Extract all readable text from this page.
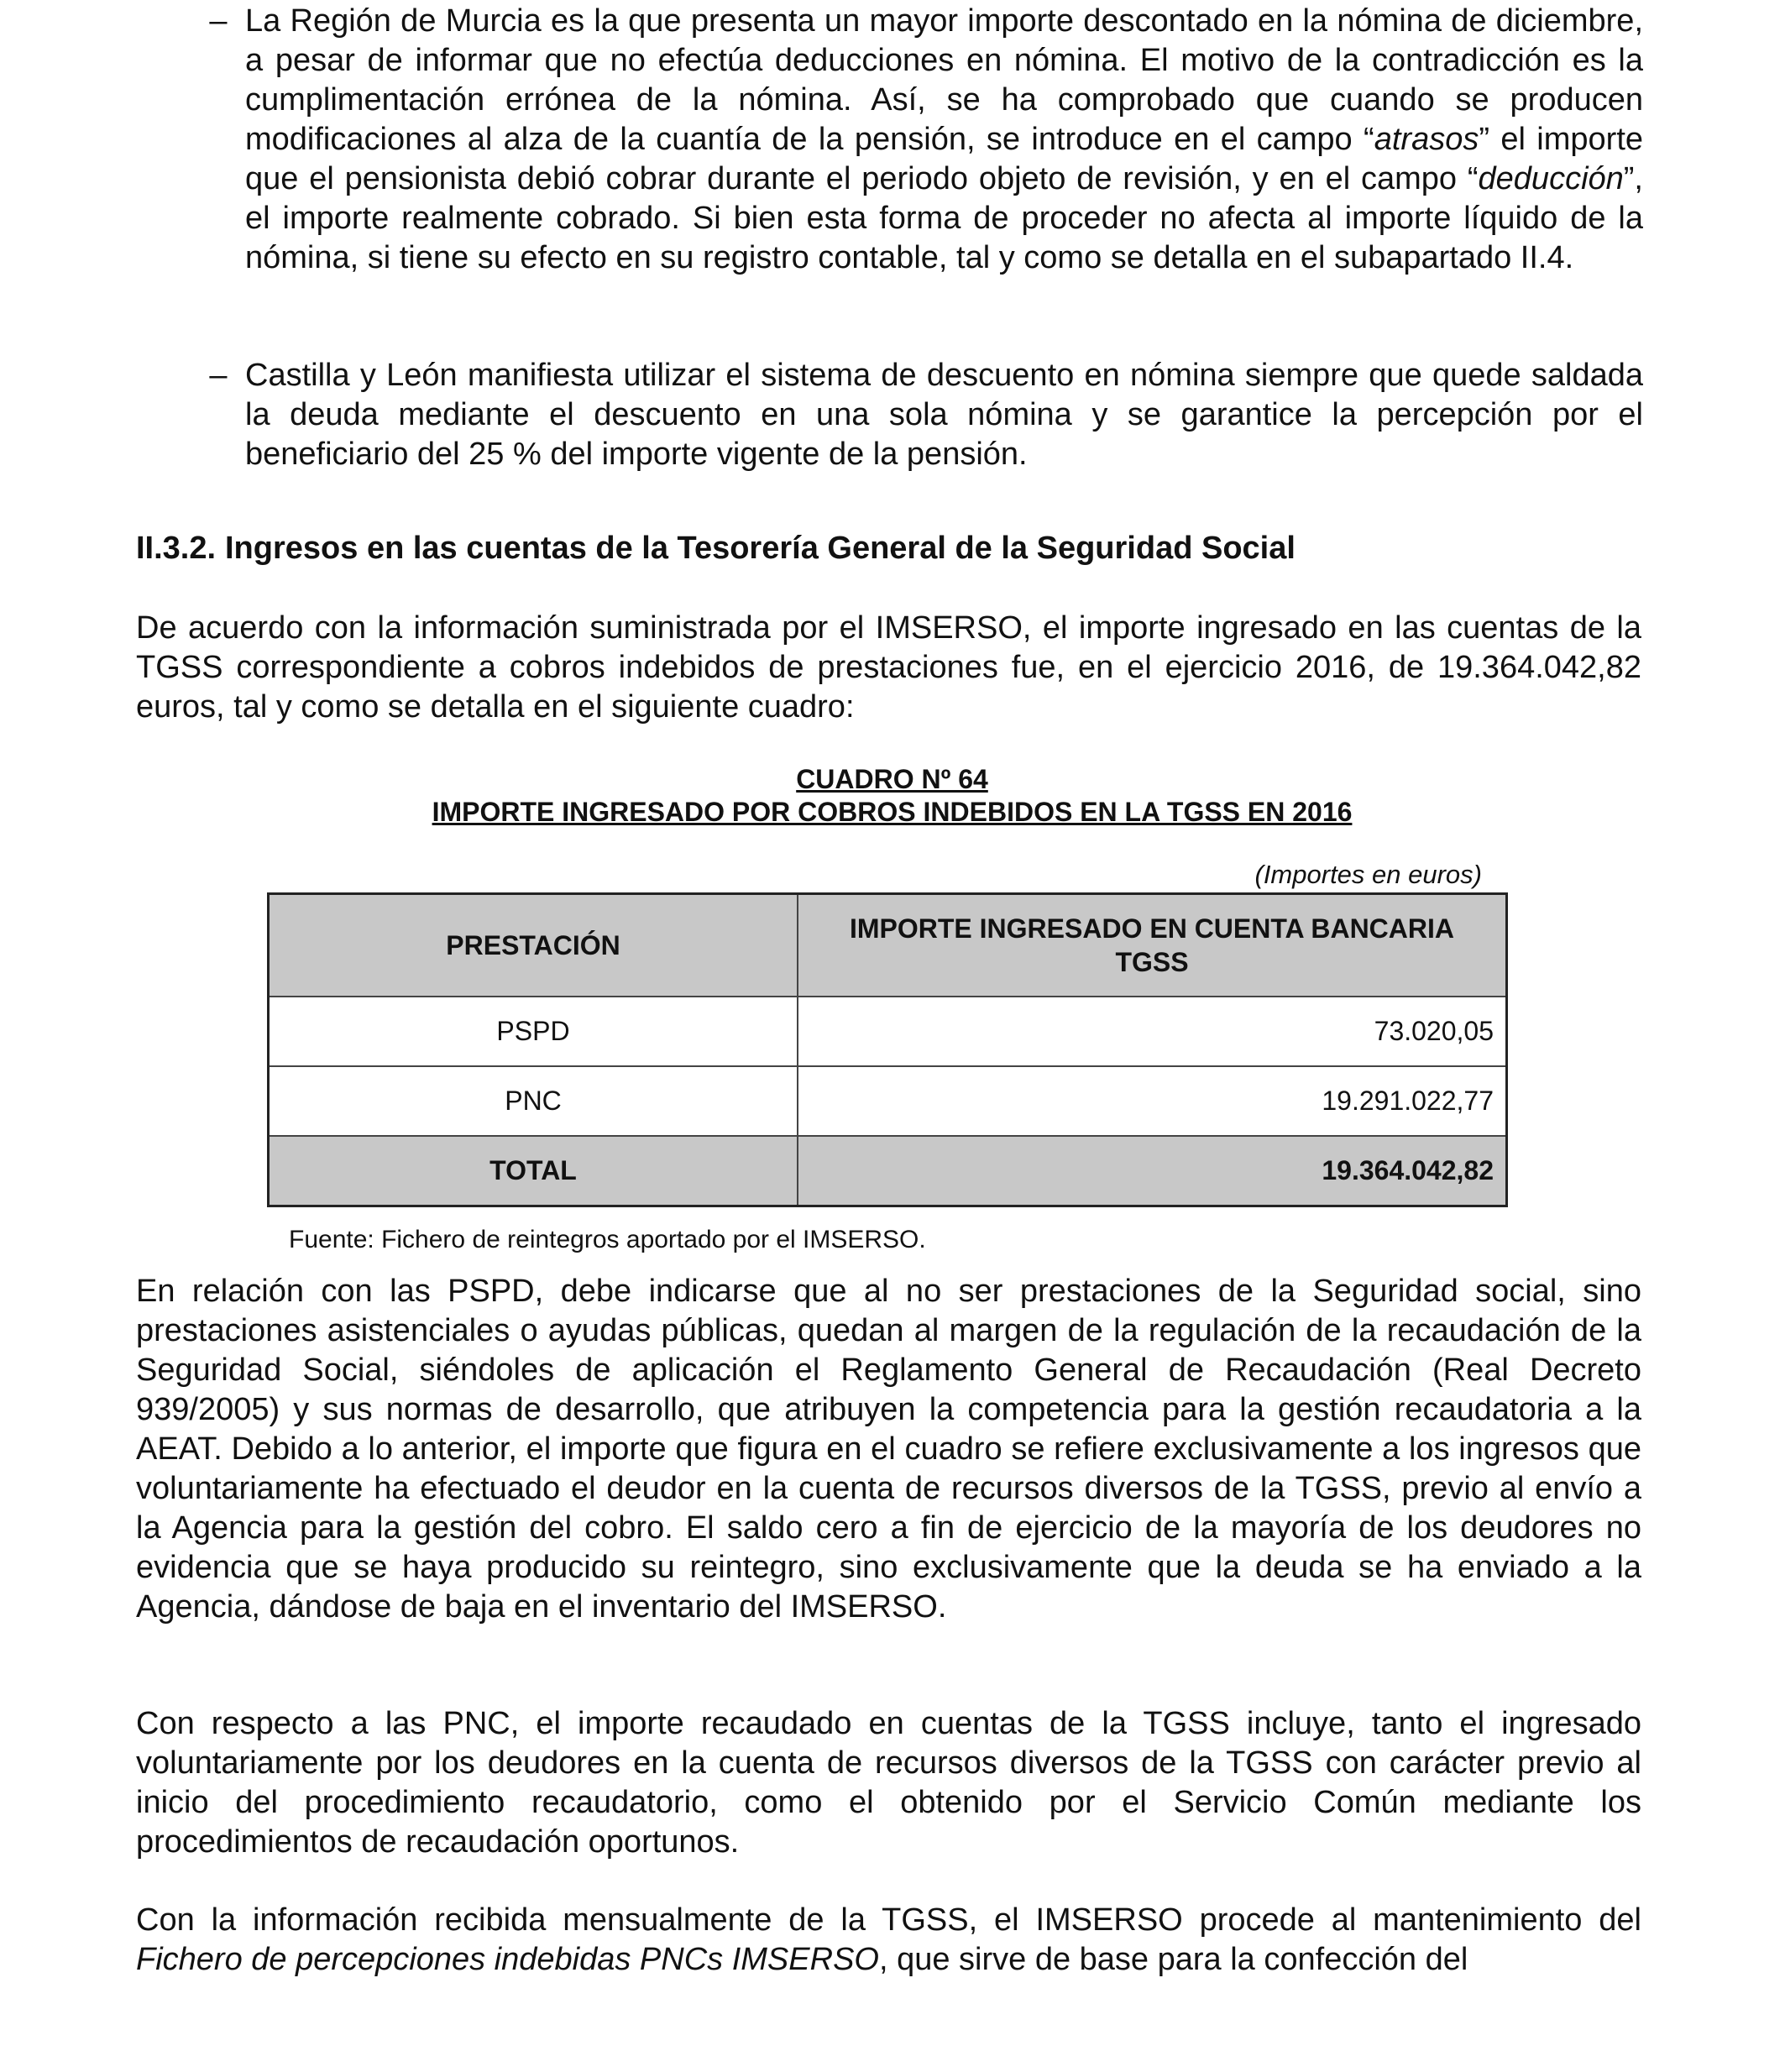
– La Región de Murcia es la que presenta un mayor importe descontado en la nómina de diciembre, a pesar de informar que no efectúa deducciones en nómina. El motivo de la contradicción es la cumplimentación errónea de la nómina. Así, se ha comprobado que cuando se producen modificaciones al alza de la cuantía de la pensión, se introduce en el campo “atrasos” el importe que el pensionista debió cobrar durante el periodo objeto de revisión, y en el campo “deducción”, el importe realmente cobrado. Si bien esta forma de proceder no afecta al importe líquido de la nómina, si tiene su efecto en su registro contable, tal y como se detalla en el subapartado II.4.

– Castilla y León manifiesta utilizar el sistema de descuento en nómina siempre que quede saldada la deuda mediante el descuento en una sola nómina y se garantice la percepción por el beneficiario del 25 % del importe vigente de la pensión.

II.3.2. Ingresos en las cuentas de la Tesorería General de la Seguridad Social

De acuerdo con la información suministrada por el IMSERSO, el importe ingresado en las cuentas de la TGSS correspondiente a cobros indebidos de prestaciones fue, en el ejercicio 2016, de 19.364.042,82 euros, tal y como se detalla en el siguiente cuadro:

CUADRO Nº 64

IMPORTE INGRESADO POR COBROS INDEBIDOS EN LA TGSS EN 2016

(Importes en euros)

PRESTACIÓN	IMPORTE INGRESADO EN CUENTA BANCARIA TGSS
PSPD	73.020,05
PNC	19.291.022,77
TOTAL	19.364.042,82

Fuente: Fichero de reintegros aportado por el IMSERSO.

En relación con las PSPD, debe indicarse que al no ser prestaciones de la Seguridad social, sino prestaciones asistenciales o ayudas públicas, quedan al margen de la regulación de la recaudación de la Seguridad Social, siéndoles de aplicación el Reglamento General de Recaudación (Real Decreto 939/2005) y sus normas de desarrollo, que atribuyen la competencia para la gestión recaudatoria a la AEAT. Debido a lo anterior, el importe que figura en el cuadro se refiere exclusivamente a los ingresos que voluntariamente ha efectuado el deudor en la cuenta de recursos diversos de la TGSS, previo al envío a la Agencia para la gestión del cobro. El saldo cero a fin de ejercicio de la mayoría de los deudores no evidencia que se haya producido su reintegro, sino exclusivamente que la deuda se ha enviado a la Agencia, dándose de baja en el inventario del IMSERSO.

Con respecto a las PNC, el importe recaudado en cuentas de la TGSS incluye, tanto el ingresado voluntariamente por los deudores en la cuenta de recursos diversos de la TGSS con carácter previo al inicio del procedimiento recaudatorio, como el obtenido por el Servicio Común mediante los procedimientos de recaudación oportunos.

Con la información recibida mensualmente de la TGSS, el IMSERSO procede al mantenimiento del Fichero de percepciones indebidas PNCs IMSERSO, que sirve de base para la confección del
